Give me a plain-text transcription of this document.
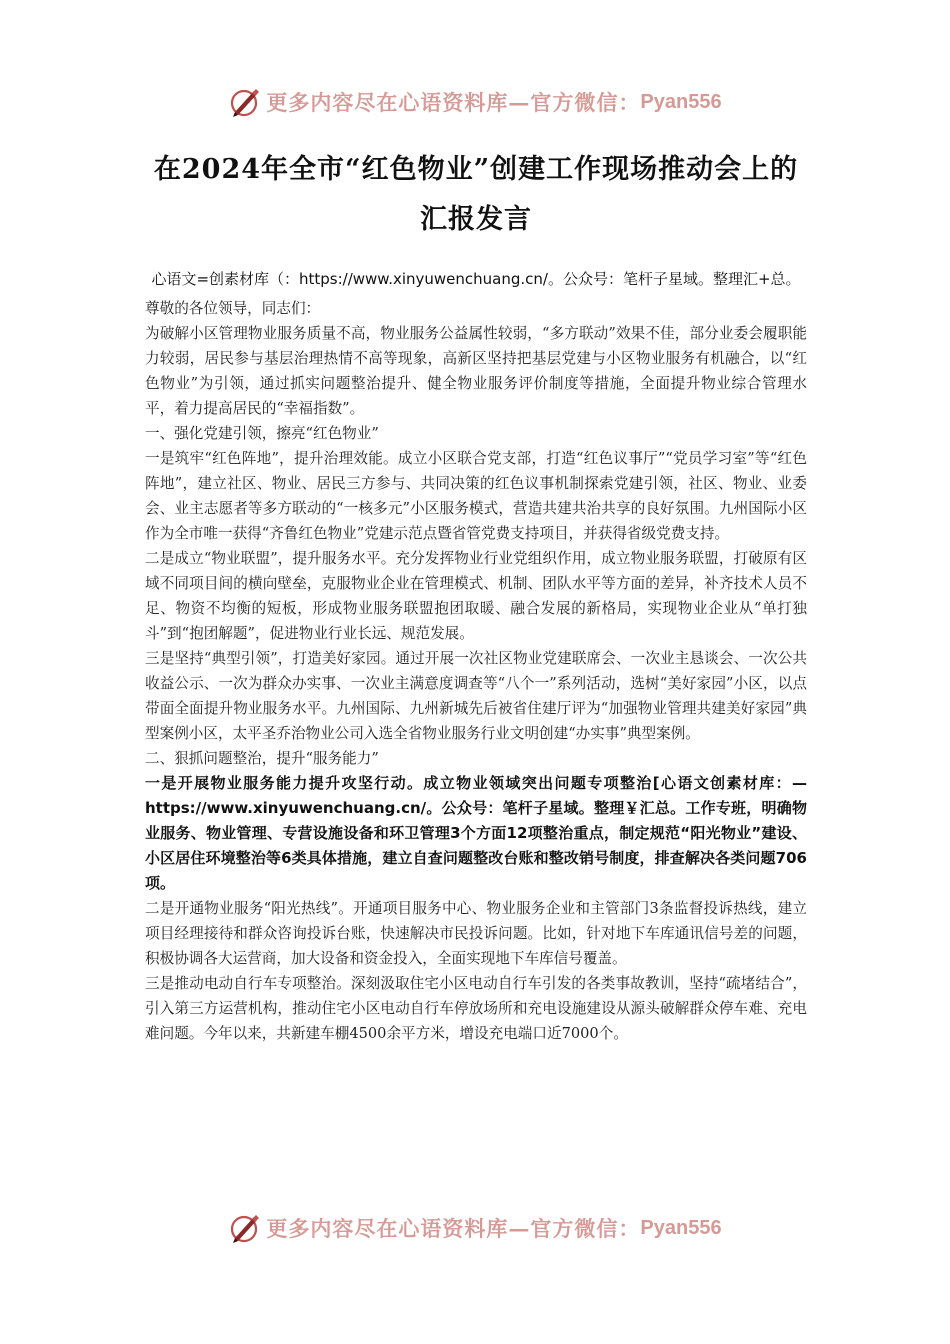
更多内容尽在心语资料库—官方微信： Pyan556
在2024年全市“红色物业”创建工作现场推动会上的汇报发言

心语文=创素材库（：https://www.xinyuwenchuang.cn/。公众号：笔杆子星域。整理汇+总。

尊敬的各位领导，同志们：

为破解小区管理物业服务质量不高，物业服务公益属性较弱，“多方联动”效果不佳，部分业委会履职能力较弱，居民参与基层治理热情不高等现象，高新区坚持把基层党建与小区物业服务有机融合，以“红色物业”为引领，通过抓实问题整治提升、健全物业服务评价制度等措施，全面提升物业综合管理水平，着力提高居民的“幸福指数”。

一、强化党建引领，擦亮“红色物业”

一是筑牢“红色阵地”，提升治理效能。成立小区联合党支部，打造“红色议事厅”“党员学习室”等“红色阵地”，建立社区、物业、居民三方参与、共同决策的红色议事机制探索党建引领，社区、物业、业委会、业主志愿者等多方联动的“一核多元”小区服务模式，营造共建共治共享的良好氛围。九州国际小区作为全市唯一获得“齐鲁红色物业”党建示范点暨省管党费支持项目，并获得省级党费支持。

二是成立“物业联盟”，提升服务水平。充分发挥物业行业党组织作用，成立物业服务联盟，打破原有区域不同项目间的横向壁垒，克服物业企业在管理模式、机制、团队水平等方面的差异，补齐技术人员不足、物资不均衡的短板，形成物业服务联盟抱团取暖、融合发展的新格局，实现物业企业从“单打独斗”到“抱团解题”，促进物业行业长远、规范发展。

三是坚持“典型引领”，打造美好家园。通过开展一次社区物业党建联席会、一次业主恳谈会、一次公共收益公示、一次为群众办实事、一次业主满意度调查等“八个一”系列活动，选树“美好家园”小区，以点带面全面提升物业服务水平。九州国际、九州新城先后被省住建厅评为“加强物业管理共建美好家园”典型案例小区，太平圣乔治物业公司入选全省物业服务行业文明创建“办实事”典型案例。

二、狠抓问题整治，提升“服务能力”

一是开展物业服务能力提升攻坚行动。成立物业领域突出问题专项整治[心语文创素材库：—https://www.xinyuwenchuang.cn/。公众号：笔杆子星域。整理￥汇总。工作专班，明确物业服务、物业管理、专营设施设备和环卫管理3个方面12项整治重点，制定规范“阳光物业”建设、小区居住环境整治等6类具体措施，建立自查问题整改台账和整改销号制度，排查解决各类问题706项。

二是开通物业服务“阳光热线”。开通项目服务中心、物业服务企业和主管部门3条监督投诉热线，建立项目经理接待和群众咨询投诉台账，快速解决市民投诉问题。比如，针对地下车库通讯信号差的问题，积极协调各大运营商，加大设备和资金投入，全面实现地下车库信号覆盖。

三是推动电动自行车专项整治。深刻汲取住宅小区电动自行车引发的各类事故教训，坚持“疏堵结合”，引入第三方运营机构，推动住宅小区电动自行车停放场所和充电设施建设从源头破解群众停车难、充电难问题。今年以来，共新建车棚4500余平方米，增设充电端口近7000个。

更多内容尽在心语资料库—官方微信： Pyan556
